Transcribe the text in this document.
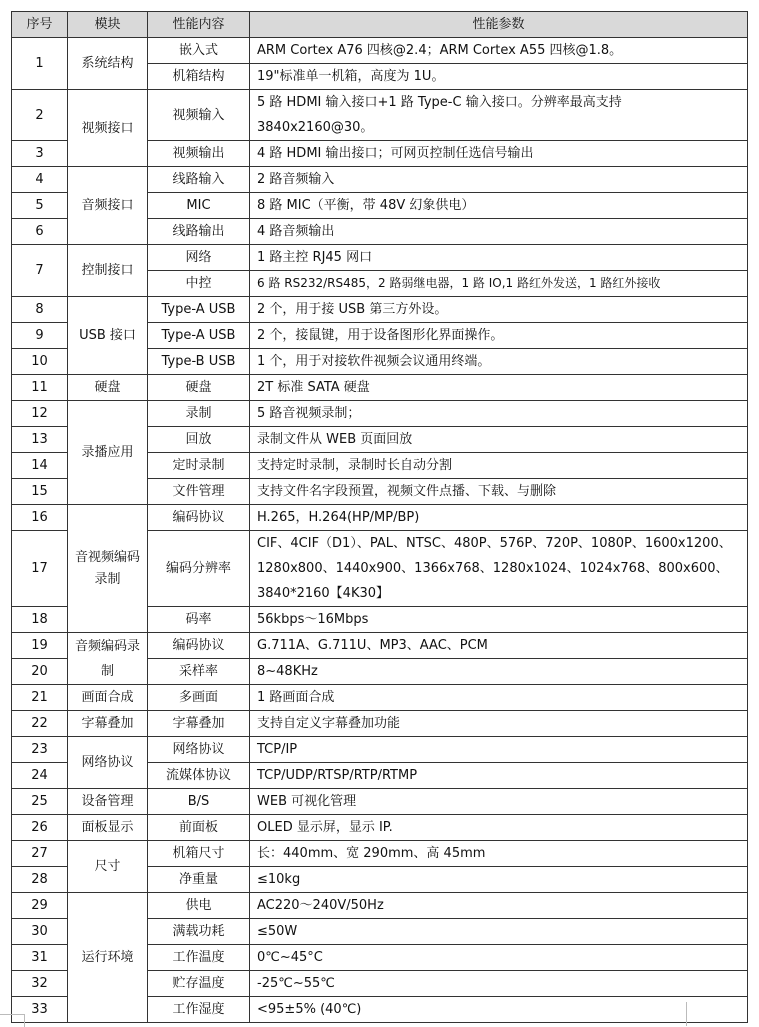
序号	模块	性能内容	性能参数
1	系统结构	嵌入式	ARM Cortex A76 四核@2.4；ARM Cortex A55 四核@1.8。
		机箱结构	19"标准单一机箱，高度为 1U。
2	视频接口	视频输入	5 路 HDMI 输入接口+1 路 Type-C 输入接口。分辨率最高支持 3840x2160@30。
3		视频输出	4 路 HDMI 输出接口；可网页控制任选信号输出
4	音频接口	线路输入	2 路音频输入
5		MIC	8 路 MIC（平衡，带 48V 幻象供电）
6		线路输出	4 路音频输出
7	控制接口	网络	1 路主控 RJ45 网口
		中控	6 路 RS232/RS485，2 路弱继电器，1 路 IO,1 路红外发送，1 路红外接收
8	USB 接口	Type-A USB	2 个，用于接 USB 第三方外设。
9		Type-A USB	2 个，接鼠键，用于设备图形化界面操作。
10		Type-B USB	1 个，用于对接软件视频会议通用终端。
11	硬盘	硬盘	2T 标准 SATA 硬盘
12	录播应用	录制	5 路音视频录制；
13		回放	录制文件从 WEB 页面回放
14		定时录制	支持定时录制，录制时长自动分割
15		文件管理	支持文件名字段预置，视频文件点播、下载、与删除
16	音视频编码录制	编码协议	H.265，H.264(HP/MP/BP)
17		编码分辨率	CIF、4CIF（D1）、PAL、NTSC、480P、576P、720P、1080P、1600x1200、1280x800、1440x900、1366x768、1280x1024、1024x768、800x600、3840*2160【4K30】
18		码率	56kbps～16Mbps
19	音频编码录制	编码协议	G.711A、G.711U、MP3、AAC、PCM
20		采样率	8~48KHz
21	画面合成	多画面	1 路画面合成
22	字幕叠加	字幕叠加	支持自定义字幕叠加功能
23	网络协议	网络协议	TCP/IP
24		流媒体协议	TCP/UDP/RTSP/RTP/RTMP
25	设备管理	B/S	WEB 可视化管理
26	面板显示	前面板	OLED 显示屏，显示 IP.
27	尺寸	机箱尺寸	长：440mm、宽 290mm、高 45mm
28		净重量	≤10kg
29	运行环境	供电	AC220～240V/50Hz
30		满载功耗	≤50W
31		工作温度	0℃~45°C
32		贮存温度	-25℃~55℃
33		工作湿度	<95±5% (40℃)
